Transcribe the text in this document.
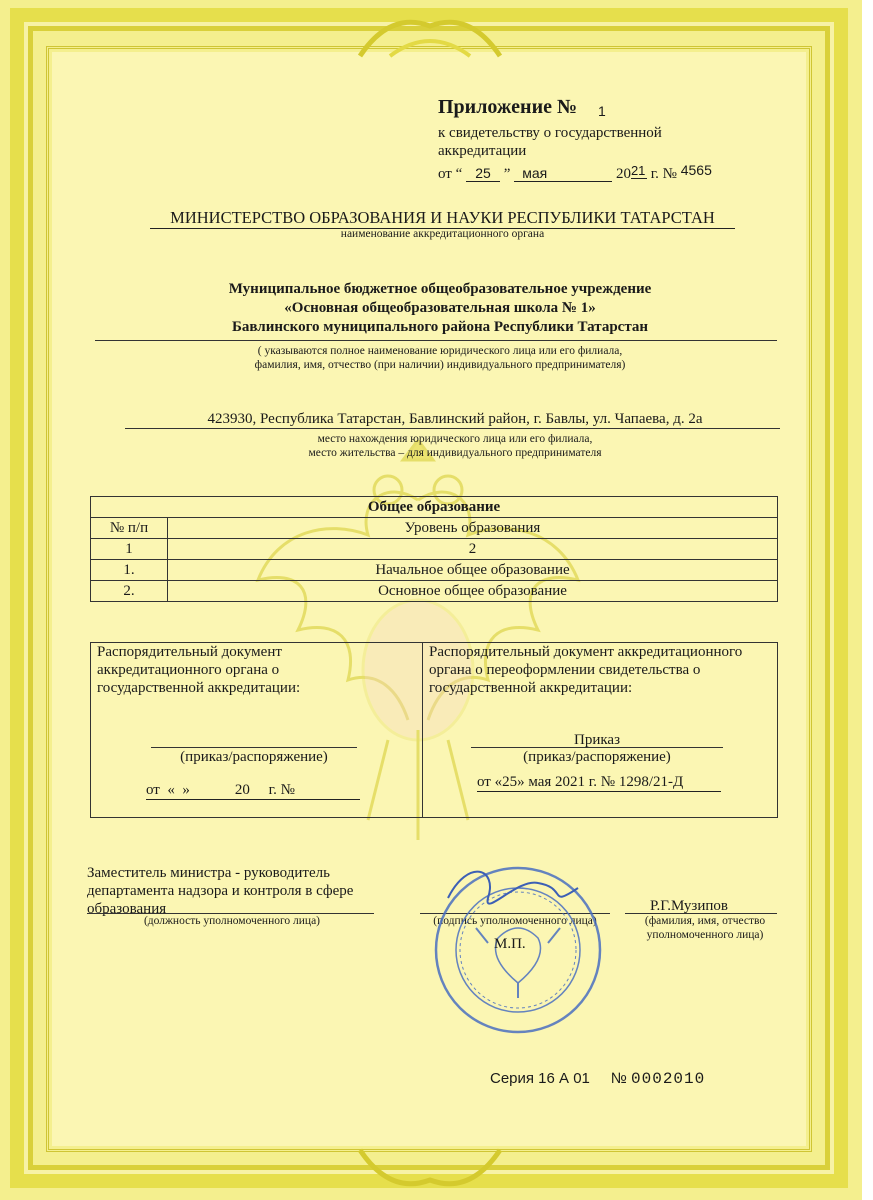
Приложение № 1
к свидетельству о государственной аккредитации
от “ 25 ” мая	2021 г. № 4565
МИНИСТЕРСТВО ОБРАЗОВАНИЯ И НАУКИ РЕСПУБЛИКИ ТАТАРСТАН
наименование аккредитационного органа
Муниципальное бюджетное общеобразовательное учреждение
«Основная общеобразовательная школа № 1»
Бавлинского муниципального района Республики Татарстан
( указываются полное наименование юридического лица или его филиала,
фамилия, имя, отчество (при наличии) индивидуального предпринимателя)
423930, Республика Татарстан, Бавлинский район, г. Бавлы, ул. Чапаева, д. 2а
место нахождения юридического лица или его филиала,
место жительства – для индивидуального предпринимателя
Общее образование	
№ п/п	Уровень образования
1	2
1.	Начальное общее образование
2.	Основное общее образование
Распорядительный документ аккредитационного органа о государственной аккредитации:
(приказ/распоряжение)
от  «  »            20     г. №
Распорядительный документ аккредитационного органа о переоформлении свидетельства о государственной аккредитации:
Приказ
(приказ/распоряжение)
от «25» мая 2021 г. № 1298/21-Д
Заместитель министра - руководитель департамента надзора и контроля в сфере образования
(должность уполномоченного лица)	(подпись уполномоченного лица)
Р.Г.Музипов
(фамилия, имя, отчество уполномоченного лица)
М.П.
Серия 16 А 01 № 0002010
